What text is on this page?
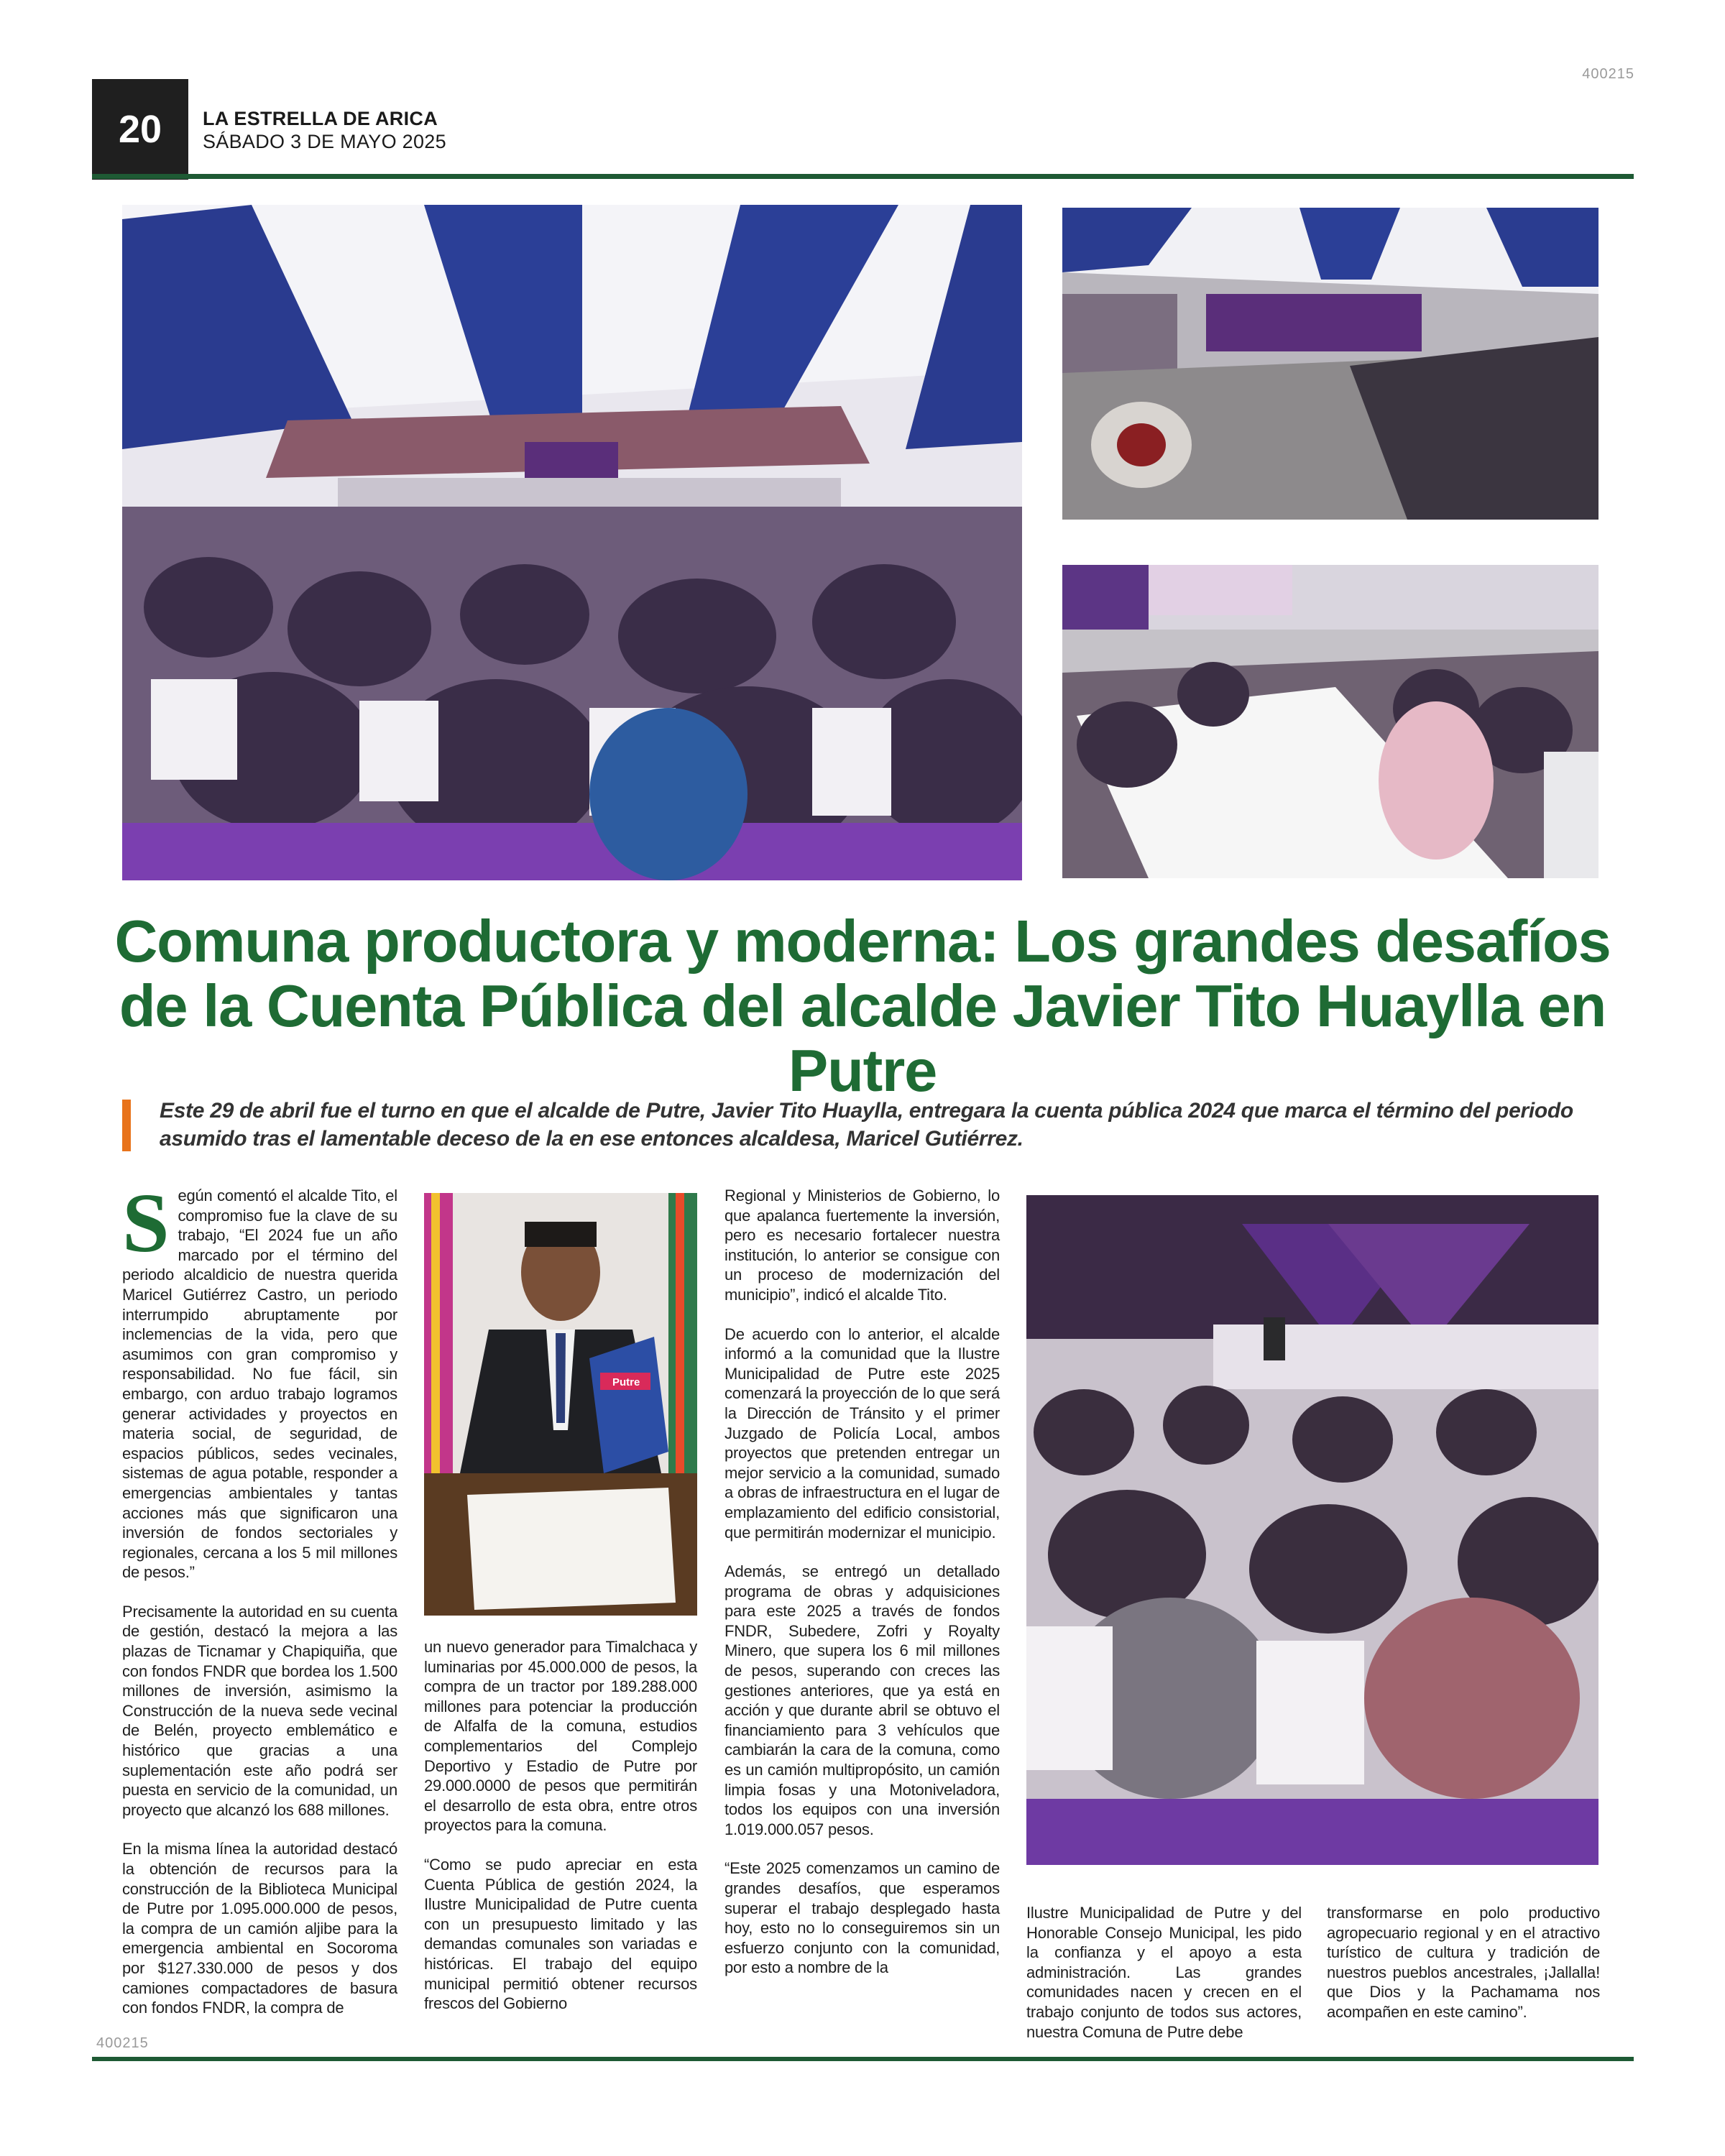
400215
20	LA ESTRELLA DE ARICA
SÁBADO 3 DE MAYO 2025
Comuna productora y moderna: Los grandes desafíos de la Cuenta Pública del alcalde Javier Tito Huaylla en Putre
Este 29 de abril fue el turno en que el alcalde de Putre, Javier Tito Huaylla, entregara la cuenta pública 2024 que marca el término del periodo asumido tras el lamentable deceso de la en ese entonces alcaldesa, Maricel Gutiérrez.

Según comentó el alcalde Tito, el compromiso fue la clave de su trabajo, “El 2024 fue un año marcado por el término del periodo alcaldicio de nuestra querida Maricel Gutiérrez Castro, un periodo interrumpido abruptamente por inclemencias de la vida, pero que asumimos con gran compromiso y responsabilidad. No fue fácil, sin embargo, con arduo trabajo logramos generar actividades y proyectos en materia social, de seguridad, de espacios públicos, sedes vecinales, sistemas de agua potable, responder a emergencias ambientales y tantas acciones más que significaron una inversión de fondos sectoriales y regionales, cercana a los 5 mil millones de pesos.”

Precisamente la autoridad en su cuenta de gestión, destacó la mejora a las plazas de Ticnamar y Chapiquiña, que con fondos FNDR que bordea los 1.500 millones de inversión, asimismo la Construcción de la nueva sede vecinal de Belén, proyecto emblemático e histórico que gracias a una suplementación este año podrá ser puesta en servicio de la comunidad, un proyecto que alcanzó los 688 millones.

En la misma línea la autoridad destacó la obtención de recursos para la construcción de la Biblioteca Municipal de Putre por 1.095.000.000 de pesos, la compra de un camión aljibe para la emergencia ambiental en Socoroma por $127.330.000 de pesos y dos camiones compactadores de basura con fondos FNDR, la compra de

Putre

un nuevo generador para Timalchaca y luminarias por 45.000.000 de pesos, la compra de un tractor por 189.288.000 millones para potenciar la producción de Alfalfa de la comuna, estudios complementarios del Complejo Deportivo y Estadio de Putre por 29.000.0000 de pesos que permitirán el desarrollo de esta obra, entre otros proyectos para la comuna.

“Como se pudo apreciar en esta Cuenta Pública de gestión 2024, la Ilustre Municipalidad de Putre cuenta con un presupuesto limitado y las demandas comunales son variadas e históricas. El trabajo del equipo municipal permitió obtener recursos frescos del Gobierno

Regional y Ministerios de Gobierno, lo que apalanca fuertemente la inversión, pero es necesario fortalecer nuestra institución, lo anterior se consigue con un proceso de modernización del municipio”, indicó el alcalde Tito.

De acuerdo con lo anterior, el alcalde informó a la comunidad que la Ilustre Municipalidad de Putre este 2025 comenzará la proyección de lo que será la Dirección de Tránsito y el primer Juzgado de Policía Local, ambos proyectos que pretenden entregar un mejor servicio a la comunidad, sumado a obras de infraestructura en el lugar de emplazamiento del edificio consistorial, que permitirán modernizar el municipio.

Además, se entregó un detallado programa de obras y adquisiciones para este 2025 a través de fondos FNDR, Subedere, Zofri y Royalty Minero, que supera los 6 mil millones de pesos, superando con creces las gestiones anteriores, que ya está en acción y que durante abril se obtuvo el financiamiento para 3 vehículos que cambiarán la cara de la comuna, como es un camión multipropósito, un camión limpia fosas y una Motoniveladora, todos los equipos con una inversión 1.019.000.057 pesos.

“Este 2025 comenzamos un camino de grandes desafíos, que esperamos superar el trabajo desplegado hasta hoy, esto no lo conseguiremos sin un esfuerzo conjunto con la comunidad, por esto a nombre de la

Ilustre Municipalidad de Putre y del Honorable Consejo Municipal, les pido la confianza y el apoyo a esta administración. Las grandes comunidades nacen y crecen en el trabajo conjunto de todos sus actores, nuestra Comuna de Putre debe

transformarse en polo productivo agropecuario regional y en el atractivo turístico de cultura y tradición de nuestros pueblos ancestrales, ¡Jallalla! que Dios y la Pachamama nos acompañen en este camino”.

400215
